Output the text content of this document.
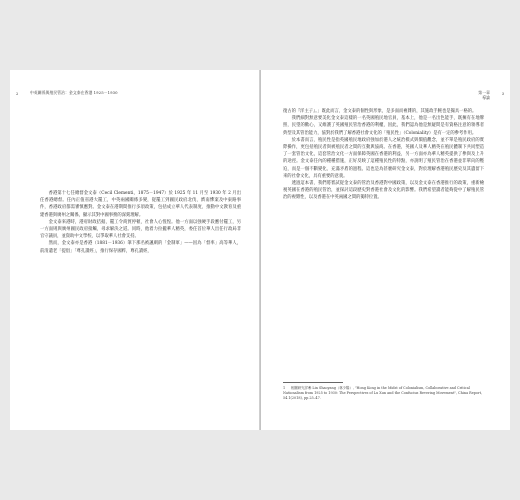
2	中英關係與殖民管治：金文泰在香港 1925－1930

香港第十七任總督金文泰（Cecil Clementi，1875－1947）於 1925 年 11 月至 1930 年 2 月出任香港總督。任內正值省港大罷工，中英兩國關係多變，從罷工到國民政府北伐、濟南慘案及中東路事件，香港政府都需審慎應對。金文泰在港期間推行多項政策，包括成立華人代表制度、推動中文教育及重建香港與廣州之關係，顯示其對中國事務的深刻理解。

金文泰來港時，港府財政拮据，罷工令商貿停頓，社會人心惶惶。他一方面以強硬手段應付罷工，另一方面則與廣州國民政府接觸，尋求解決之道。同時，他着力拉攏華人精英，委任首位華人出任行政局非官守議員，並資助中文學校，以爭取華人社會支持。

然而，金文泰亦是香港（1881－1936）筆下那名被諷刺的「金制軍」——因為「督率」高等華人，前清遺老「提倡」「尊孔讀經」，推行保存國粹，尊孔讀經，

第一章
導論
3

復古的『洋主子』。」既此而言，金文泰的個性與形象，是多面而複雜的，其施政手腕也是獨具一格的。

我們細對無意要美化金文泰這樣的一名英國殖民地官員，基本上，他是一名出色能手，既擁有在地牌照，民望的歡心，又維護了英國殖民管治香港的利權，因此，我們認為他是無疑問是有資格注意的領導者典型及其管治能力，協對於我們了解香港社會文化的「殖民性」（Coloniality）是有一定的參考作用。

於本書而言，殖民性是指英國殖民地政府強加於港人之統治模式與價值觀念，並不單是殖民政府的實際操作，更包括殖民者與被殖民者之間的互動與協商。在香港，英國人及華人精英在殖民體制下共同塑造了一套管治文化，這套管治文化一方面保障英國在香港的利益，另一方面亦為華人精英提供了參與及上升的途徑。金文泰任內的種種措施，正好反映了這種殖民性的特點，亦說明了殖民管治在香港並非單向的壓迫，而是一個不斷變化、充滿矛盾的過程。這也是為甚麼研究金文泰，對於理解香港殖民歷史及其遺留下來的社會文化，具有重要的意義。

透過這本書，我們將嘗試從金文泰的管治及香港對中國政策，以及金文泰在香港推行的政策，重新檢視英國在香港的殖民管治，並探討這段歷史對香港社會及文化的影響。我們希望讀者能夠從中了解殖民管治的複雜性，以及香港在中英兩國之間的獨特位置。

1 相關研究詳參 Lin Shaoyang（林少陽）, "Hong Kong in the Midst of Colonialism, Collaborative and Critical Nationalism from 1925 to 1930: The Perspectives of Lu Xun and the Confucius Revering Movement", China Report, 54.1(2018), pp.25–47.
